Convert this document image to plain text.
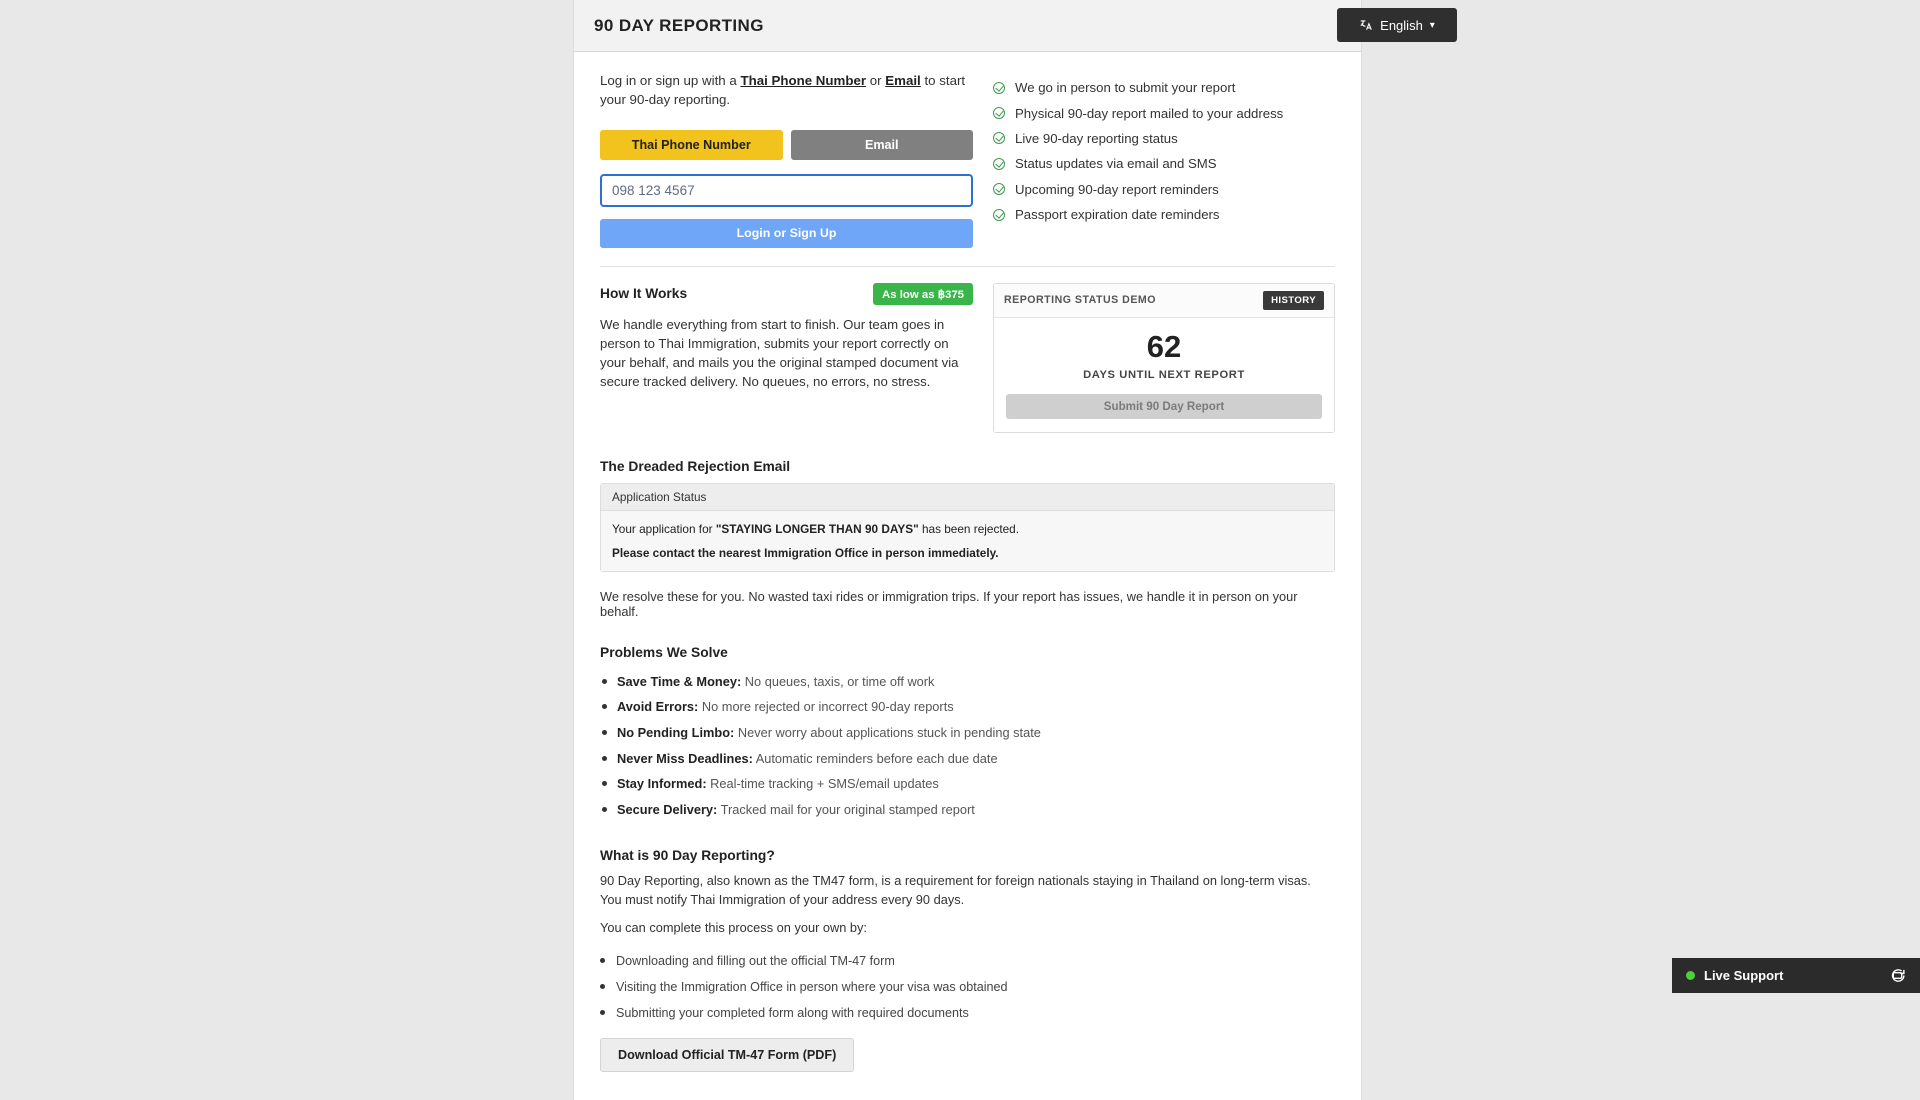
90 DAY REPORTING	English ▾

Log in or sign up with a Thai Phone Number or Email to start your 90-day reporting.

Thai Phone Number	Email
098 123 4567 Login or Sign Up
We go in person to submit your report
Physical 90-day report mailed to your address
Live 90-day reporting status
Status updates via email and SMS
Upcoming 90-day report reminders
Passport expiration date reminders
How It Works	As low as ฿375

We handle everything from start to finish. Our team goes in person to Thai Immigration, submits your report correctly on your behalf, and mails you the original stamped document via secure tracked delivery. No queues, no errors, no stress.

REPORTING STATUS DEMO	HISTORY
62
DAYS UNTIL NEXT REPORT
Submit 90 Day Report
The Dreaded Rejection Email
Application Status

Your application for "STAYING LONGER THAN 90 DAYS" has been rejected.

Please contact the nearest Immigration Office in person immediately.

We resolve these for you. No wasted taxi rides or immigration trips. If your report has issues, we handle it in person on your behalf.

Problems We Solve
Save Time & Money: No queues, taxis, or time off work
Avoid Errors: No more rejected or incorrect 90-day reports
No Pending Limbo: Never worry about applications stuck in pending state
Never Miss Deadlines: Automatic reminders before each due date
Stay Informed: Real-time tracking + SMS/email updates
Secure Delivery: Tracked mail for your original stamped report
What is 90 Day Reporting?

90 Day Reporting, also known as the TM47 form, is a requirement for foreign nationals staying in Thailand on long-term visas. You must notify Thai Immigration of your address every 90 days.

You can complete this process on your own by:

Downloading and filling out the official TM-47 form
Visiting the Immigration Office in person where your visa was obtained
Submitting your completed form along with required documents
Download Official TM-47 Form (PDF)
Live Support
